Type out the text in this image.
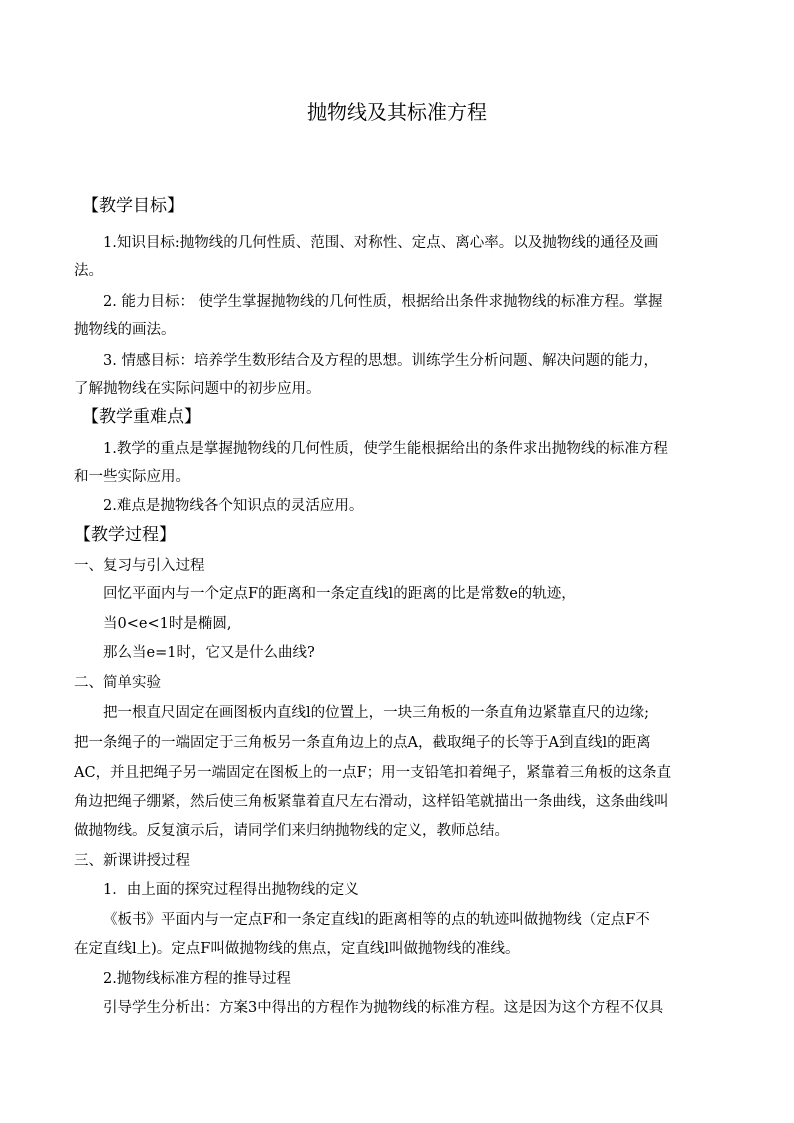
抛物线及其标准方程
【教学目标】
1.知识目标:抛物线的几何性质、范围、对称性、定点、离心率。以及抛物线的通径及画
法。
2. 能力目标： 使学生掌握抛物线的几何性质，根据给出条件求抛物线的标准方程。掌握
抛物线的画法。
3. 情感目标：培养学生数形结合及方程的思想。训练学生分析问题、解决问题的能力，
了解抛物线在实际问题中的初步应用。
【教学重难点】
1.教学的重点是掌握抛物线的几何性质，使学生能根据给出的条件求出抛物线的标准方程
和一些实际应用。
2.难点是抛物线各个知识点的灵活应用。
【教学过程】
一、复习与引入过程
回忆平面内与一个定点F的距离和一条定直线l的距离的比是常数e的轨迹，
当0<e<1时是椭圆,
那么当e=1时，它又是什么曲线?
二、简单实验
把一根直尺固定在画图板内直线l的位置上，一块三角板的一条直角边紧靠直尺的边缘;
把一条绳子的一端固定于三角板另一条直角边上的点A，截取绳子的长等于A到直线l的距离
AC，并且把绳子另一端固定在图板上的一点F；用一支铅笔扣着绳子，紧靠着三角板的这条直
角边把绳子绷紧，然后使三角板紧靠着直尺左右滑动，这样铅笔就描出一条曲线，这条曲线叫
做抛物线。反复演示后，请同学们来归纳抛物线的定义，教师总结。
三、新课讲授过程
1．由上面的探究过程得出抛物线的定义
《板书》平面内与一定点F和一条定直线l的距离相等的点的轨迹叫做抛物线（定点F不
在定直线l上)。定点F叫做抛物线的焦点，定直线l叫做抛物线的准线。
2.抛物线标准方程的推导过程
引导学生分析出：方案3中得出的方程作为抛物线的标准方程。这是因为这个方程不仅具
